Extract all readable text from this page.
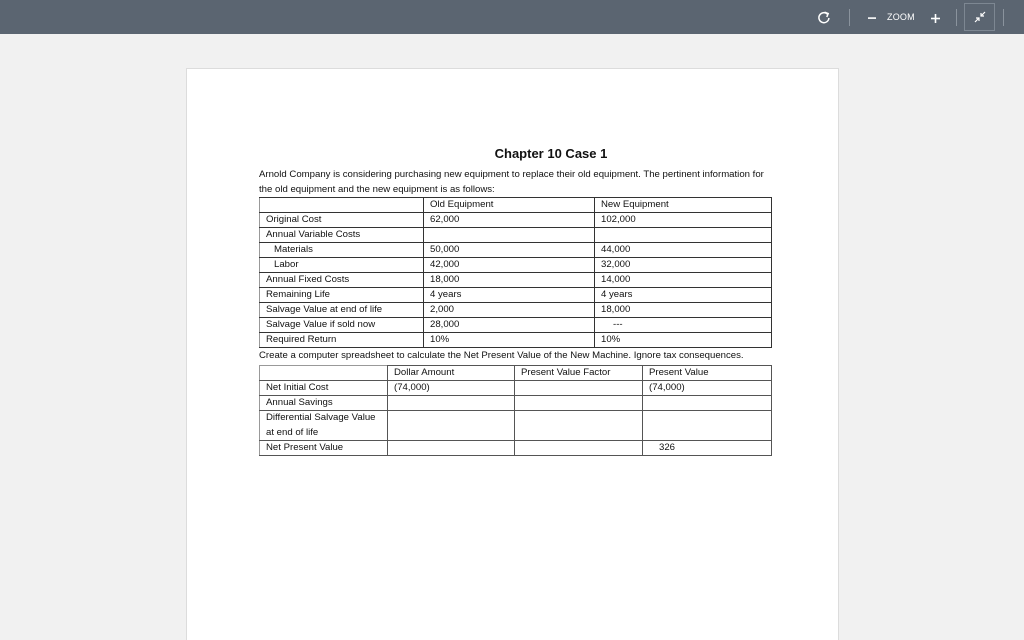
ZOOM
Chapter 10 Case 1
Arnold Company is considering purchasing new equipment to replace their old equipment. The pertinent information for the old equipment and the new equipment is as follows:
	Old Equipment	New Equipment
Original Cost	62,000	102,000
Annual Variable Costs		
Materials	50,000	44,000
Labor	42,000	32,000
Annual Fixed Costs	18,000	14,000
Remaining Life	4 years	4 years
Salvage Value at end of life	2,000	18,000
Salvage Value if sold now	28,000	---
Required Return	10%	10%
Create a computer spreadsheet to calculate the Net Present Value of the New Machine. Ignore tax consequences.
	Dollar Amount	Present Value Factor	Present Value
Net Initial Cost	(74,000)		(74,000)
Annual Savings			
Differential Salvage Value at end of life			
Net Present Value			326
